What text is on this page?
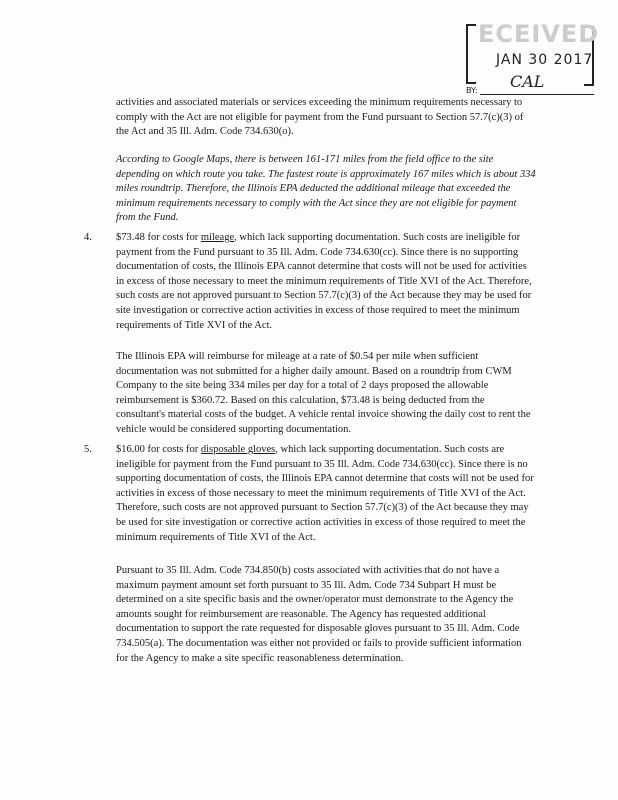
ECEIVED
JAN 30 2017
CAL
BY:

activities and associated materials or services exceeding the minimum requirements necessary to comply with the Act are not eligible for payment from the Fund pursuant to Section 57.7(c)(3) of the Act and 35 Ill. Adm. Code 734.630(o).

According to Google Maps, there is between 161-171 miles from the field office to the site depending on which route you take. The fastest route is approximately 167 miles which is about 334 miles roundtrip. Therefore, the Illinois EPA deducted the additional mileage that exceeded the minimum requirements necessary to comply with the Act since they are not eligible for payment from the Fund.

4. $73.48 for costs for mileage, which lack supporting documentation. Such costs are ineligible for payment from the Fund pursuant to 35 Ill. Adm. Code 734.630(cc). Since there is no supporting documentation of costs, the Illinois EPA cannot determine that costs will not be used for activities in excess of those necessary to meet the minimum requirements of Title XVI of the Act. Therefore, such costs are not approved pursuant to Section 57.7(c)(3) of the Act because they may be used for site investigation or corrective action activities in excess of those required to meet the minimum requirements of Title XVI of the Act.

The Illinois EPA will reimburse for mileage at a rate of $0.54 per mile when sufficient documentation was not submitted for a higher daily amount. Based on a roundtrip from CWM Company to the site being 334 miles per day for a total of 2 days proposed the allowable reimbursement is $360.72. Based on this calculation, $73.48 is being deducted from the consultant's material costs of the budget. A vehicle rental invoice showing the daily cost to rent the vehicle would be considered supporting documentation.

5. $16.00 for costs for disposable gloves, which lack supporting documentation. Such costs are ineligible for payment from the Fund pursuant to 35 Ill. Adm. Code 734.630(cc). Since there is no supporting documentation of costs, the Illinois EPA cannot determine that costs will not be used for activities in excess of those necessary to meet the minimum requirements of Title XVI of the Act. Therefore, such costs are not approved pursuant to Section 57.7(c)(3) of the Act because they may be used for site investigation or corrective action activities in excess of those required to meet the minimum requirements of Title XVI of the Act.

Pursuant to 35 Ill. Adm. Code 734.850(b) costs associated with activities that do not have a maximum payment amount set forth pursuant to 35 Ill. Adm. Code 734 Subpart H must be determined on a site specific basis and the owner/operator must demonstrate to the Agency the amounts sought for reimbursement are reasonable. The Agency has requested additional documentation to support the rate requested for disposable gloves pursuant to 35 Ill. Adm. Code 734.505(a). The documentation was either not provided or fails to provide sufficient information for the Agency to make a site specific reasonableness determination.
